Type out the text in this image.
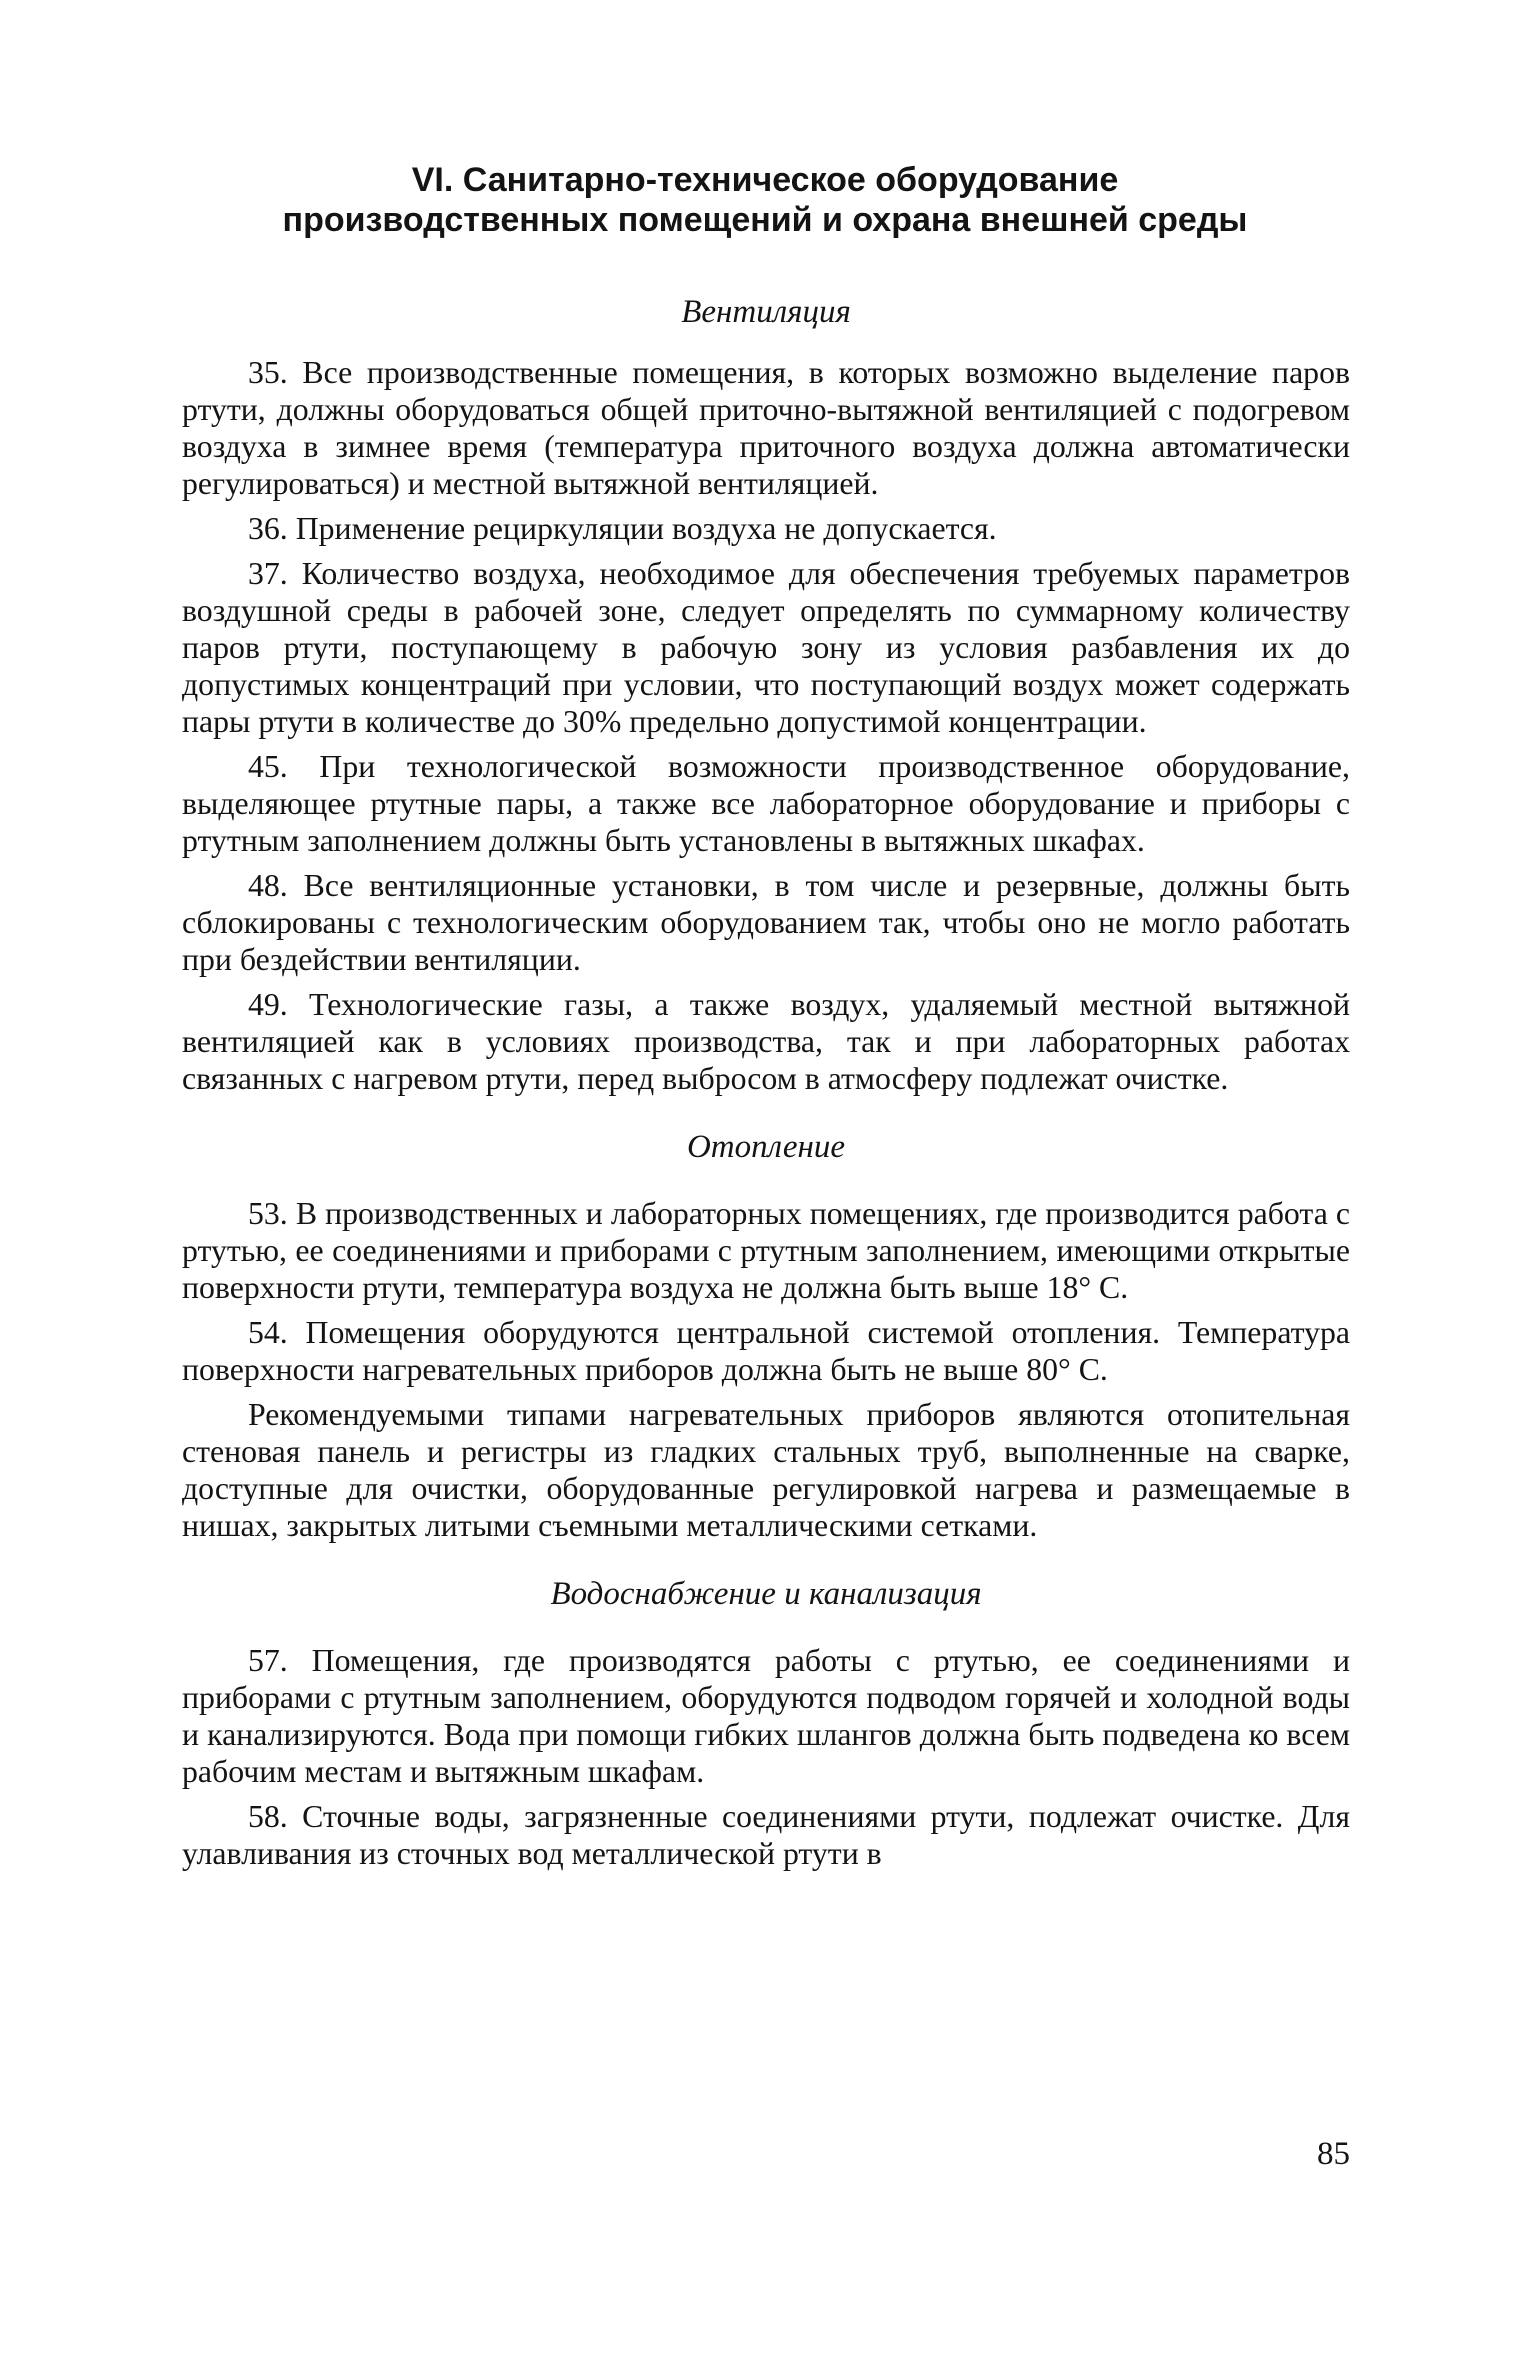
VI. Санитарно-техническое оборудование
производственных помещений и охрана внешней среды
Вентиляция

35. Все производственные помещения, в которых возможно выделение паров ртути, должны оборудоваться общей приточно-вытяжной вентиляцией с подогревом воздуха в зимнее время (температура приточного воздуха должна автоматически регулироваться) и местной вытяжной вентиляцией.

36. Применение рециркуляции воздуха не допускается.

37. Количество воздуха, необходимое для обеспечения требуемых параметров воздушной среды в рабочей зоне, следует определять по суммарному количеству паров ртути, поступающему в рабочую зону из условия разбавления их до допустимых концентраций при условии, что поступающий воздух может содержать пары ртути в количестве до 30% предельно допустимой концентрации.

45. При технологической возможности производственное оборудование, выделяющее ртутные пары, а также все лабораторное оборудование и приборы с ртутным заполнением должны быть установлены в вытяжных шкафах.

48. Все вентиляционные установки, в том числе и резервные, должны быть сблокированы с технологическим оборудованием так, чтобы оно не могло работать при бездействии вентиляции.

49. Технологические газы, а также воздух, удаляемый местной вытяжной вентиляцией как в условиях производства, так и при лабораторных работах связанных с нагревом ртути, перед выбросом в атмосферу подлежат очистке.

Отопление

53. В производственных и лабораторных помещениях, где производится работа с ртутью, ее соединениями и приборами с ртутным заполнением, имеющими открытые поверхности ртути, температура воздуха не должна быть выше 18° С.

54. Помещения оборудуются центральной системой отопления. Температура поверхности нагревательных приборов должна быть не выше 80° С.

Рекомендуемыми типами нагревательных приборов являются отопительная стеновая панель и регистры из гладких стальных труб, выполненные на сварке, доступные для очистки, оборудованные регулировкой нагрева и размещаемые в нишах, закрытых литыми съемными металлическими сетками.

Водоснабжение и канализация

57. Помещения, где производятся работы с ртутью, ее соединениями и приборами с ртутным заполнением, оборудуются подводом горячей и холодной воды и канализируются. Вода при помощи гибких шлангов должна быть подведена ко всем рабочим местам и вытяжным шкафам.

58. Сточные воды, загрязненные соединениями ртути, подлежат очистке. Для улавливания из сточных вод металлической ртути в

85
